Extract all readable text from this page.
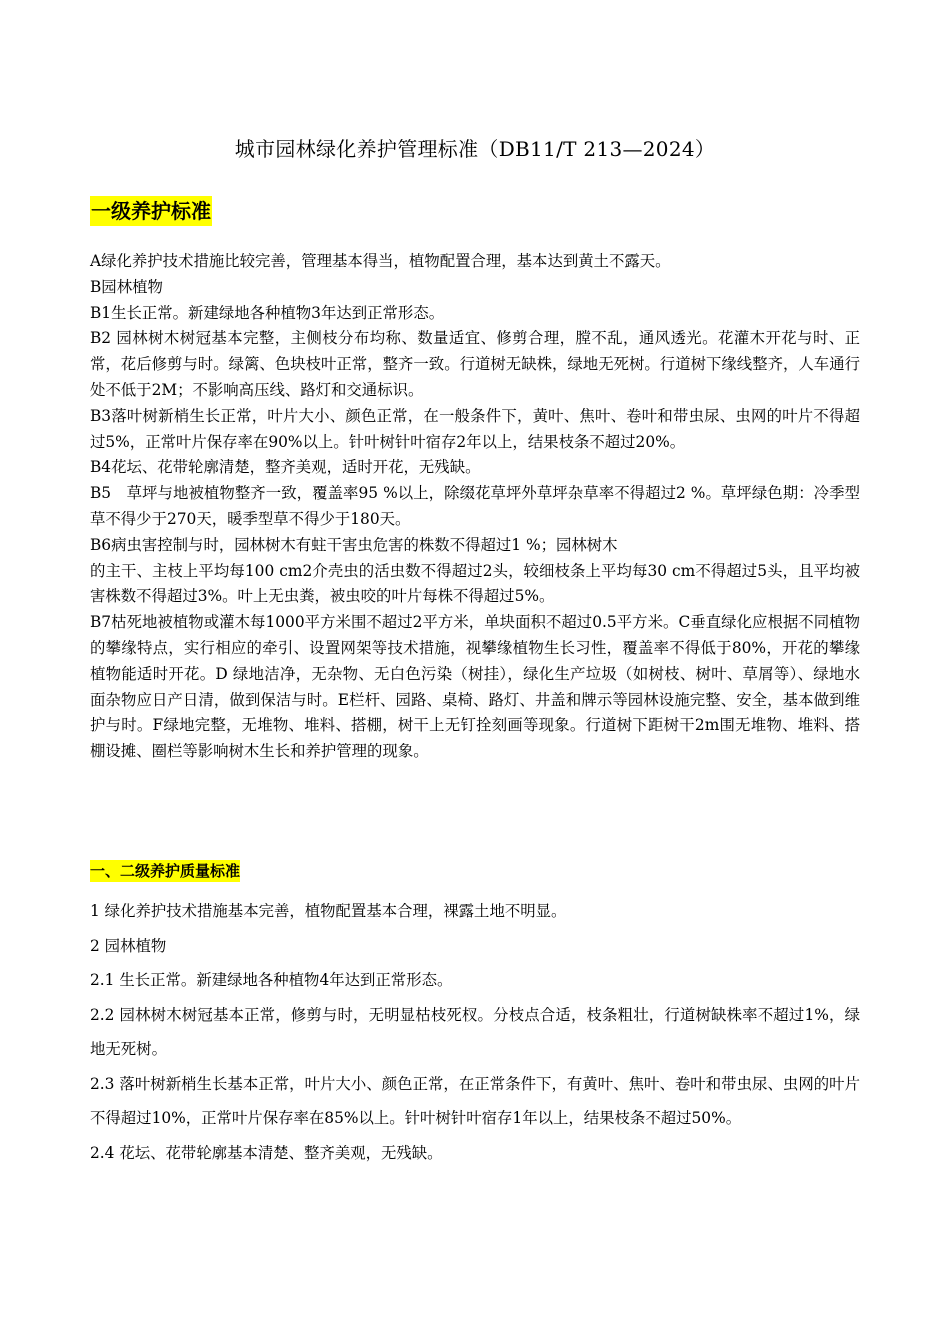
城市园林绿化养护管理标准（DB11/T 213—2024）
一级养护标准

A绿化养护技术措施比较完善，管理基本得当，植物配置合理，基本达到黄土不露天。

B园林植物

B1生长正常。新建绿地各种植物3年达到正常形态。

B2 园林树木树冠基本完整，主侧枝分布均称、数量适宜、修剪合理，膛不乱，通风透光。花灌木开花与时、正常，花后修剪与时。绿篱、色块枝叶正常，整齐一致。行道树无缺株，绿地无死树。行道树下缘线整齐，人车通行处不低于2M；不影响高压线、路灯和交通标识。

B3落叶树新梢生长正常，叶片大小、颜色正常，在一般条件下，黄叶、焦叶、卷叶和带虫尿、虫网的叶片不得超过5%，正常叶片保存率在90%以上。针叶树针叶宿存2年以上，结果枝条不超过20%。

B4花坛、花带轮廓清楚，整齐美观，适时开花，无残缺。

B5　草坪与地被植物整齐一致，覆盖率95 %以上，除缀花草坪外草坪杂草率不得超过2 %。草坪绿色期：冷季型草不得少于270天，暖季型草不得少于180天。

B6病虫害控制与时，园林树木有蛀干害虫危害的株数不得超过1 %；园林树木

的主干、主枝上平均每100 cm2介壳虫的活虫数不得超过2头，较细枝条上平均每30 cm不得超过5头，且平均被害株数不得超过3%。叶上无虫粪，被虫咬的叶片每株不得超过5%。

B7枯死地被植物或灌木每1000平方米围不超过2平方米，单块面积不超过0.5平方米。C垂直绿化应根据不同植物的攀缘特点，实行相应的牵引、设置网架等技术措施，视攀缘植物生长习性，覆盖率不得低于80%，开花的攀缘植物能适时开花。D 绿地洁净，无杂物、无白色污染（树挂），绿化生产垃圾（如树枝、树叶、草屑等）、绿地水面杂物应日产日清，做到保洁与时。E栏杆、园路、桌椅、路灯、井盖和牌示等园林设施完整、安全，基本做到维护与时。F绿地完整，无堆物、堆料、搭棚，树干上无钉拴刻画等现象。行道树下距树干2m围无堆物、堆料、搭棚设摊、圈栏等影响树木生长和养护管理的现象。

一、二级养护质量标准

1 绿化养护技术措施基本完善，植物配置基本合理，裸露土地不明显。

2 园林植物

2.1 生长正常。新建绿地各种植物4年达到正常形态。

2.2 园林树木树冠基本正常，修剪与时，无明显枯枝死杈。分枝点合适，枝条粗壮，行道树缺株率不超过1%，绿地无死树。

2.3 落叶树新梢生长基本正常，叶片大小、颜色正常，在正常条件下，有黄叶、焦叶、卷叶和带虫尿、虫网的叶片不得超过10%，正常叶片保存率在85%以上。针叶树针叶宿存1年以上，结果枝条不超过50%。

2.4 花坛、花带轮廓基本清楚、整齐美观，无残缺。
